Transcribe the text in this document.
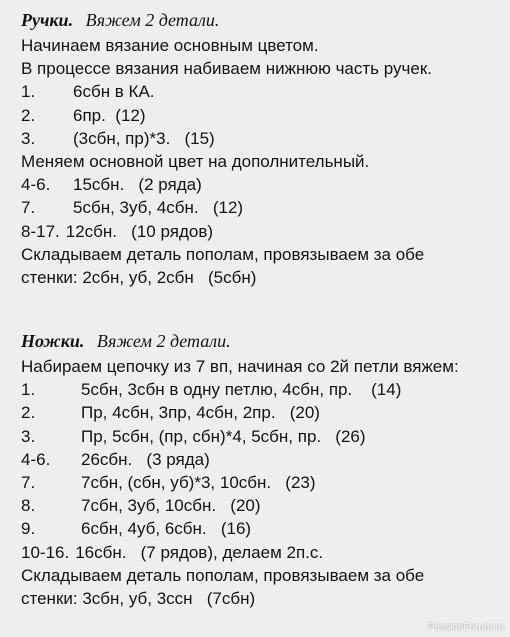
Ручки. Вяжем 2 детали.
Начинаем вязание основным цветом.
В процессе вязания набиваем нижнюю часть ручек.
1. 6сбн в КА.
2. 6пр.  (12)
3. (3сбн, пр)*3.   (15)
Меняем основной цвет на дополнительный.
4-6. 15сбн.   (2 ряда)
7. 5сбн, 3уб, 4сбн.   (12)
8-17. 12сбн.   (10 рядов)
Складываем деталь пополам, провязываем за обе
стенки: 2сбн, уб, 2сбн   (5сбн)
Ножки. Вяжем 2 детали.
Набираем цепочку из 7 вп, начиная со 2й петли вяжем:
1.	5сбн, 3сбн в одну петлю, 4сбн, пр.    (14)
2.	Пр, 4сбн, 3пр, 4сбн, 2пр.   (20)
3.	Пр, 5сбн, (пр, сбн)*4, 5сбн, пр.   (26)
4-6. 26сбн.   (3 ряда)
7.	7сбн, (сбн, уб)*3, 10сбн.   (23)
8.	7сбн, 3уб, 10сбн.   (20)
9.	6сбн, 4уб, 6сбн.   (16)
10-16. 16сбн.   (7 рядов), делаем 2п.с.
Складываем деталь пополам, провязываем за обе
стенки: 3сбн, уб, 3ссн   (7сбн)
PassionForum.ru
